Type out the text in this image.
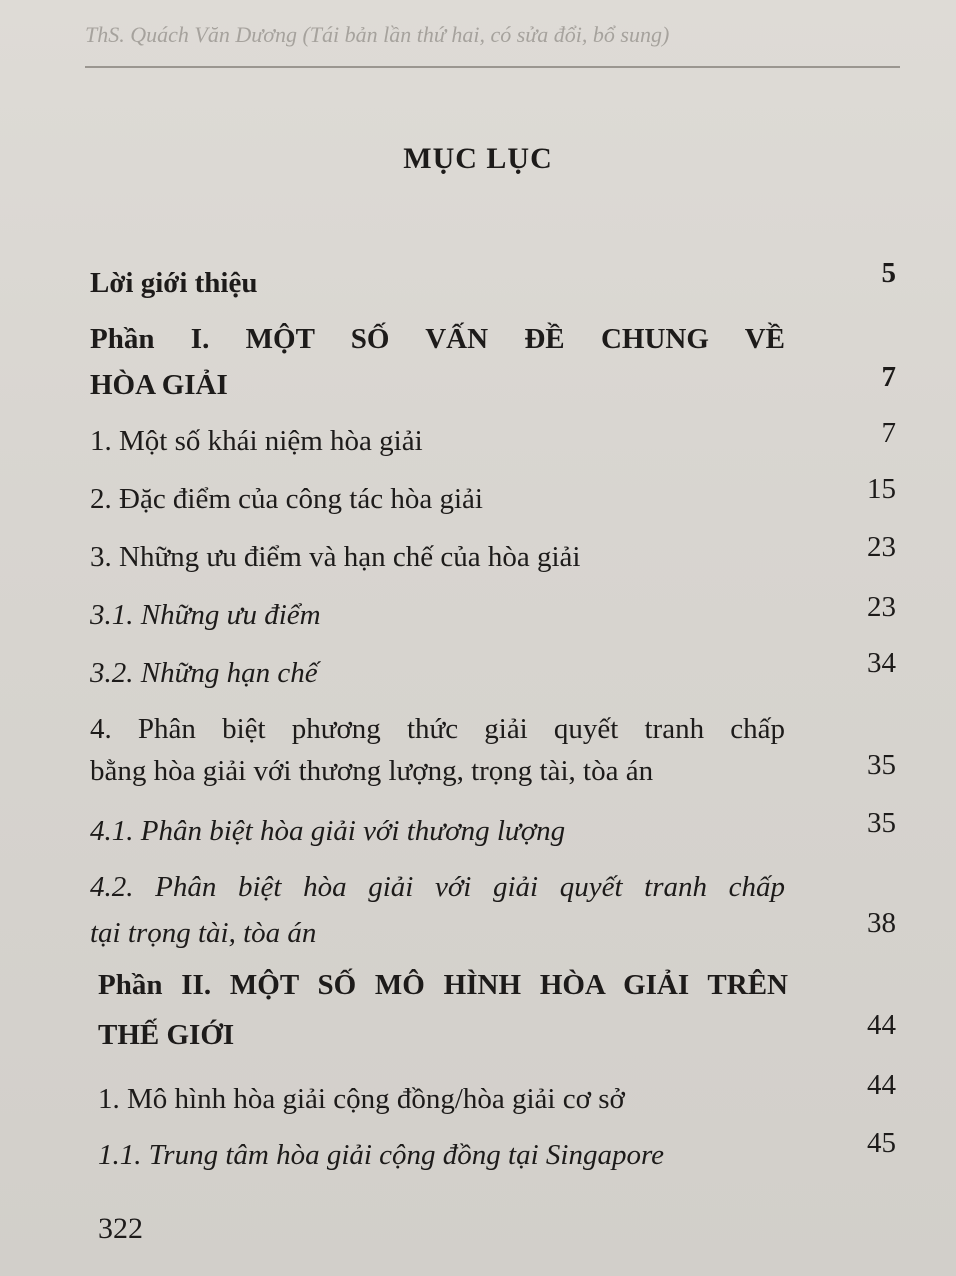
ThS. Quách Văn Dương (Tái bản lần thứ hai, có sửa đổi, bổ sung)
MỤC LỤC
Lời giới thiệu	5
Phần I. MỘT SỐ VẤN ĐỀ CHUNG VỀ
HÒA GIẢI	7
1. Một số khái niệm hòa giải	7
2. Đặc điểm của công tác hòa giải	15
3. Những ưu điểm và hạn chế của hòa giải	23
3.1. Những ưu điểm	23
3.2. Những hạn chế	34
4. Phân biệt phương thức giải quyết tranh chấp
bằng hòa giải với thương lượng, trọng tài, tòa án	35
4.1. Phân biệt hòa giải với thương lượng	35
4.2. Phân biệt hòa giải với giải quyết tranh chấp
tại trọng tài, tòa án	38
Phần II. MỘT SỐ MÔ HÌNH HÒA GIẢI TRÊN
THẾ GIỚI	44
1. Mô hình hòa giải cộng đồng/hòa giải cơ sở	44
1.1. Trung tâm hòa giải cộng đồng tại Singapore	45
322
